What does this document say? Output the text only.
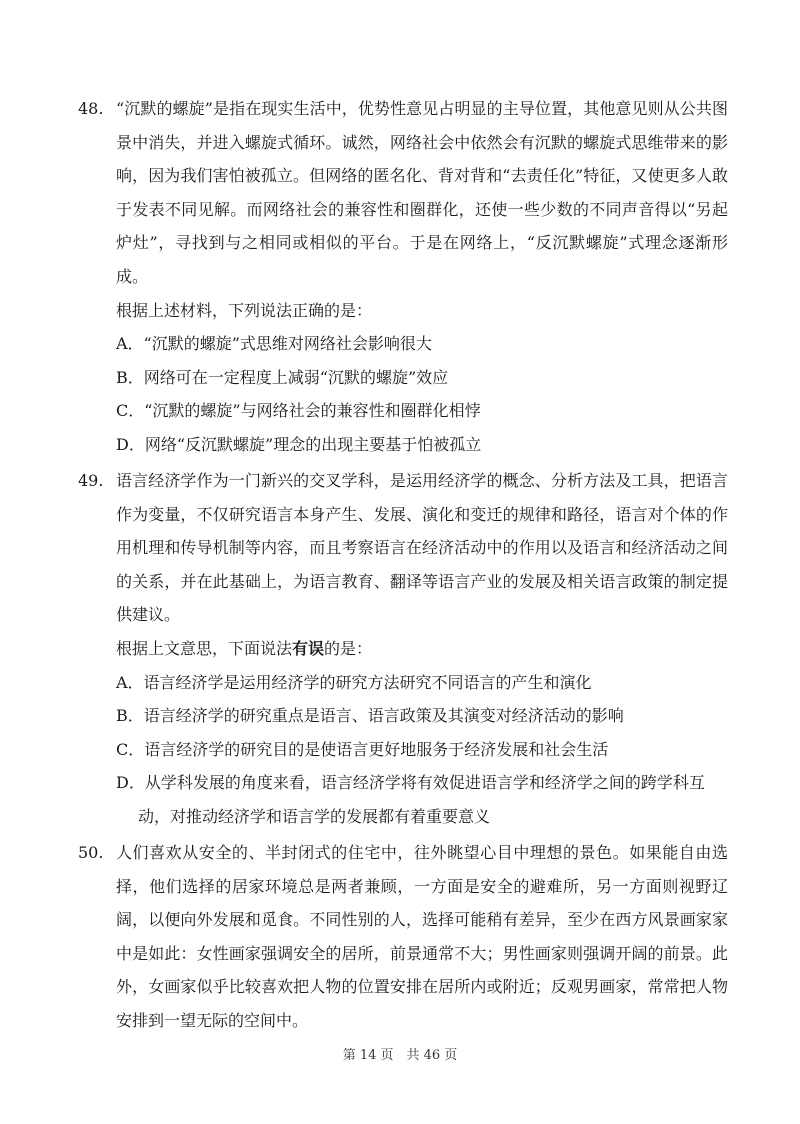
48. “沉默的螺旋”是指在现实生活中，优势性意见占明显的主导位置，其他意见则从公共图景中消失，并进入螺旋式循环。诚然，网络社会中依然会有沉默的螺旋式思维带来的影响，因为我们害怕被孤立。但网络的匿名化、背对背和“去责任化”特征，又使更多人敢于发表不同见解。而网络社会的兼容性和圈群化，还使一些少数的不同声音得以“另起炉灶”，寻找到与之相同或相似的平台。于是在网络上，“反沉默螺旋”式理念逐渐形成。
根据上述材料，下列说法正确的是：
A．“沉默的螺旋”式思维对网络社会影响很大
B．网络可在一定程度上减弱“沉默的螺旋”效应
C．“沉默的螺旋”与网络社会的兼容性和圈群化相悖
D．网络“反沉默螺旋”理念的出现主要基于怕被孤立
49. 语言经济学作为一门新兴的交叉学科，是运用经济学的概念、分析方法及工具，把语言作为变量，不仅研究语言本身产生、发展、演化和变迁的规律和路径，语言对个体的作用机理和传导机制等内容，而且考察语言在经济活动中的作用以及语言和经济活动之间的关系，并在此基础上，为语言教育、翻译等语言产业的发展及相关语言政策的制定提供建议。
根据上文意思，下面说法有误的是：
A．语言经济学是运用经济学的研究方法研究不同语言的产生和演化
B．语言经济学的研究重点是语言、语言政策及其演变对经济活动的影响
C．语言经济学的研究目的是使语言更好地服务于经济发展和社会生活
D．从学科发展的角度来看，语言经济学将有效促进语言学和经济学之间的跨学科互动，对推动经济学和语言学的发展都有着重要意义
50. 人们喜欢从安全的、半封闭式的住宅中，往外眺望心目中理想的景色。如果能自由选择，他们选择的居家环境总是两者兼顾，一方面是安全的避难所，另一方面则视野辽阔，以便向外发展和觅食。不同性别的人，选择可能稍有差异，至少在西方风景画家家中是如此：女性画家强调安全的居所，前景通常不大；男性画家则强调开阔的前景。此外，女画家似乎比较喜欢把人物的位置安排在居所内或附近；反观男画家，常常把人物安排到一望无际的空间中。
第 14 页　共 46 页
